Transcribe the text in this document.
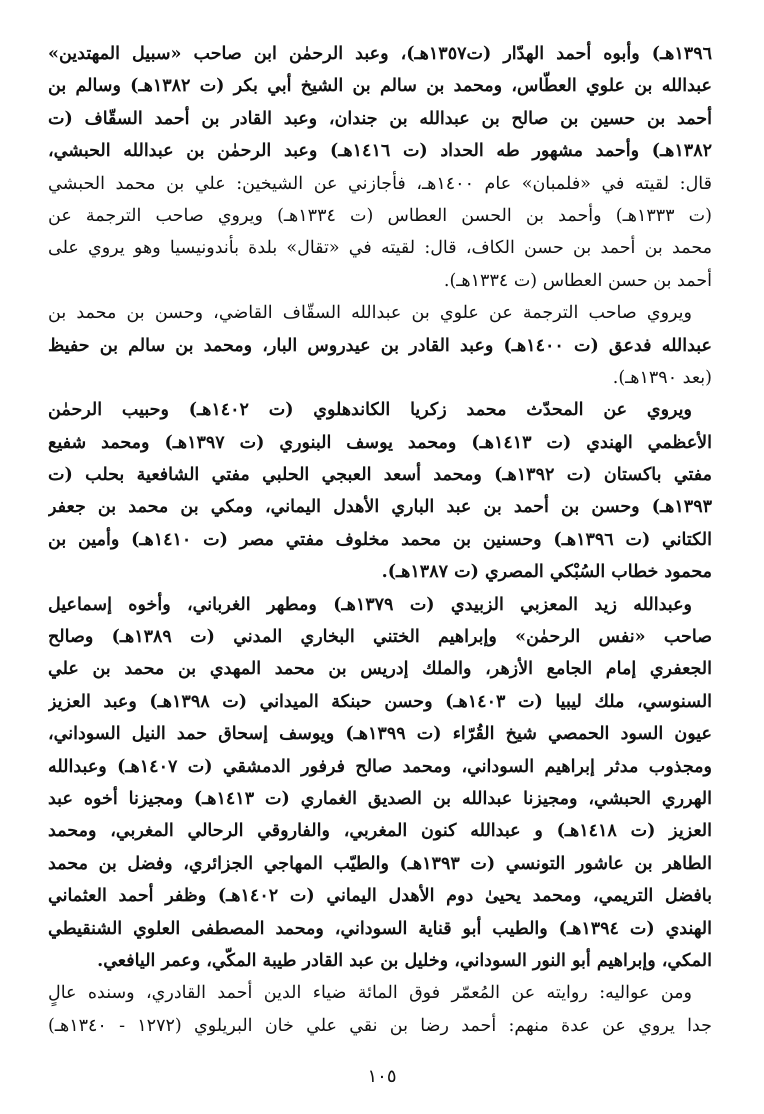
١٣٩٦هـ) وأبوه أحمد الهدّار (ت١٣٥٧هـ)، وعبد الرحمٰن ابن صاحب «سبيل المهتدين»
عبدالله بن علوي العطّاس، ومحمد بن سالم بن الشيخ أبي بكر (ت ١٣٨٢هـ) وسالم بن
أحمد بن حسين بن صالح بن عبدالله بن جندان، وعبد القادر بن أحمد السقّاف (ت
١٣٨٢هـ) وأحمد مشهور طه الحداد (ت ١٤١٦هـ) وعبد الرحمٰن بن عبدالله الحبشي،
قال: لقيته في «فلمبان» عام ١٤٠٠هـ، فأجازني عن الشيخين: علي بن محمد الحبشي
(ت ١٣٣٣هـ) وأحمد بن الحسن العطاس (ت ١٣٣٤هـ) ويروي صاحب الترجمة عن
محمد بن أحمد بن حسن الكاف، قال: لقيته في «تقال» بلدة بأندونيسيا وهو يروي على
أحمد بن حسن العطاس (ت ١٣٣٤هـ).
ويروي صاحب الترجمة عن علوي بن عبدالله السقّاف القاضي، وحسن بن محمد بن
عبدالله فدعق (ت ١٤٠٠هـ) وعبد القادر بن عيدروس البار، ومحمد بن سالم بن حفيظ
(بعد ١٣٩٠هـ).
ويروي عن المحدّث محمد زكريا الكاندهلوي (ت ١٤٠٢هـ) وحبيب الرحمٰن
الأعظمي الهندي (ت ١٤١٣هـ) ومحمد يوسف البنوري (ت ١٣٩٧هـ) ومحمد شفيع
مفتي باكستان (ت ١٣٩٢هـ) ومحمد أسعد العبجي الحلبي مفتي الشافعية بحلب (ت
١٣٩٣هـ) وحسن بن أحمد بن عبد الباري الأهدل اليماني، ومكي بن محمد بن جعفر
الكتاني (ت ١٣٩٦هـ) وحسنين بن محمد مخلوف مفتي مصر (ت ١٤١٠هـ) وأمين بن
محمود خطاب السُبْكي المصري (ت ١٣٨٧هـ).
وعبدالله زيد المعزبي الزبيدي (ت ١٣٧٩هـ) ومطهر الغرباني، وأخوه إسماعيل
صاحب «نفس الرحمٰن» وإبراهيم الختني البخاري المدني (ت ١٣٨٩هـ) وصالح
الجعفري إمام الجامع الأزهر، والملك إدريس بن محمد المهدي بن محمد بن علي
السنوسي، ملك ليبيا (ت ١٤٠٣هـ) وحسن حبنكة الميداني (ت ١٣٩٨هـ) وعبد العزيز
عيون السود الحمصي شيخ القُرّاء (ت ١٣٩٩هـ) ويوسف إسحاق حمد النيل السوداني،
ومجذوب مدثر إبراهيم السوداني، ومحمد صالح فرفور الدمشقي (ت ١٤٠٧هـ) وعبدالله
الهرري الحبشي، ومجيزنا عبدالله بن الصديق الغماري (ت ١٤١٣هـ) ومجيزنا أخوه عبد
العزيز (ت ١٤١٨هـ) و عبدالله كنون المغربي، والفاروقي الرحالي المغربي، ومحمد
الطاهر بن عاشور التونسي (ت ١٣٩٣هـ) والطيّب المهاجي الجزائري، وفضل بن محمد
بافضل التريمي، ومحمد يحيىٰ دوم الأهدل اليماني (ت ١٤٠٢هـ) وظفر أحمد العثماني
الهندي (ت ١٣٩٤هـ) والطيب أبو قناية السوداني، ومحمد المصطفى العلوي الشنقيطي
المكي، وإبراهيم أبو النور السوداني، وخليل بن عبد القادر طيبة المكّي، وعمر اليافعي.
ومن عواليه: روايته عن المُعمّر فوق المائة ضياء الدين أحمد القادري، وسنده عالٍ
جدا يروي عن عدة منهم: أحمد رضا بن نقي علي خان البريلوي (١٢٧٢ - ١٣٤٠هـ)
١٠٥
